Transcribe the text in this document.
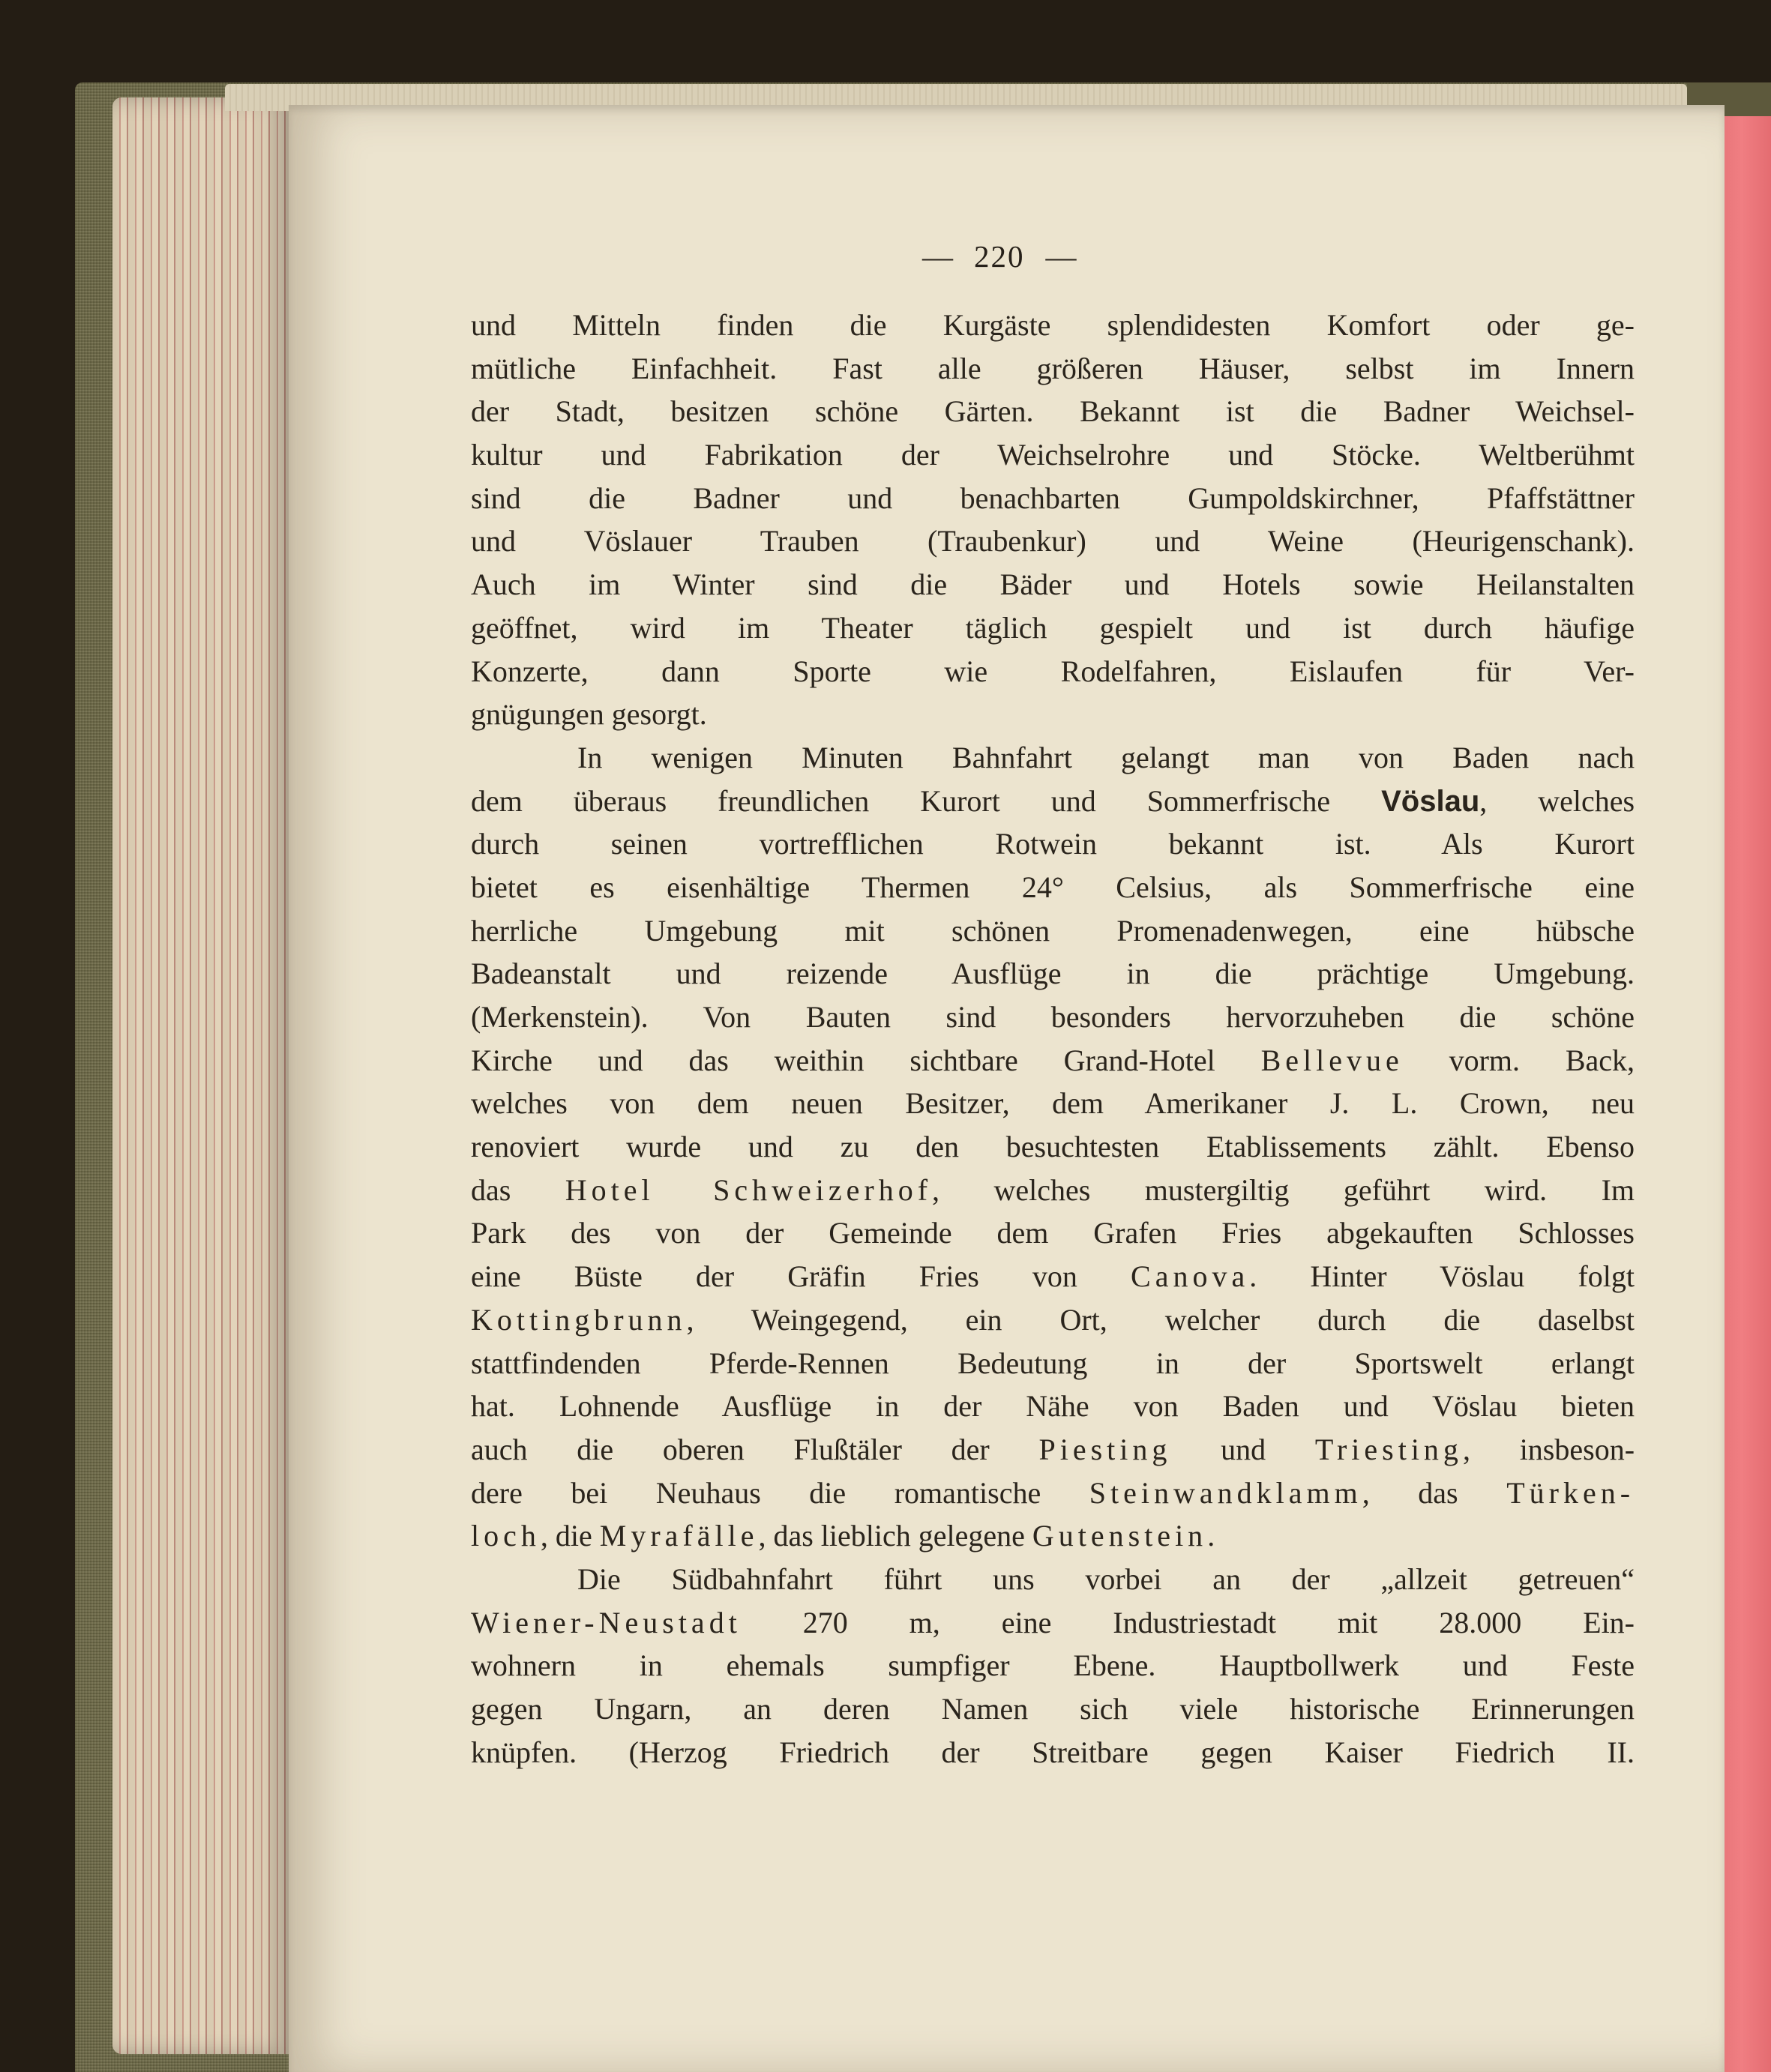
— 220 —
und Mitteln finden die Kurgäste splendidesten Komfort oder ge-
mütliche Einfachheit. Fast alle größeren Häuser, selbst im Innern
der Stadt, besitzen schöne Gärten. Bekannt ist die Badner Weichsel-
kultur und Fabrikation der Weichselrohre und Stöcke. Weltberühmt
sind die Badner und benachbarten Gumpoldskirchner, Pfaffstättner
und Vöslauer Trauben (Traubenkur) und Weine (Heurigenschank).
Auch im Winter sind die Bäder und Hotels sowie Heilanstalten
geöffnet, wird im Theater täglich gespielt und ist durch häufige
Konzerte, dann Sporte wie Rodelfahren, Eislaufen für Ver-
gnügungen gesorgt.
In wenigen Minuten Bahnfahrt gelangt man von Baden nach
dem überaus freundlichen Kurort und Sommerfrische Vöslau, welches
durch seinen vortrefflichen Rotwein bekannt ist. Als Kurort
bietet es eisenhältige Thermen 24° Celsius, als Sommerfrische eine
herrliche Umgebung mit schönen Promenadenwegen, eine hübsche
Badeanstalt und reizende Ausflüge in die prächtige Umgebung.
(Merkenstein). Von Bauten sind besonders hervorzuheben die schöne
Kirche und das weithin sichtbare Grand-Hotel Bellevue vorm. Back,
welches von dem neuen Besitzer, dem Amerikaner J. L. Crown, neu
renoviert wurde und zu den besuchtesten Etablissements zählt. Ebenso
das Hotel Schweizerhof, welches mustergiltig geführt wird. Im
Park des von der Gemeinde dem Grafen Fries abgekauften Schlosses
eine Büste der Gräfin Fries von Canova. Hinter Vöslau folgt
Kottingbrunn, Weingegend, ein Ort, welcher durch die daselbst
stattfindenden Pferde-Rennen Bedeutung in der Sportswelt erlangt
hat. Lohnende Ausflüge in der Nähe von Baden und Vöslau bieten
auch die oberen Flußtäler der Piesting und Triesting, insbeson-
dere bei Neuhaus die romantische Steinwandklamm, das Türken-
loch, die Myrafälle, das lieblich gelegene Gutenstein.
Die Südbahnfahrt führt uns vorbei an der „allzeit getreuen“
Wiener-Neustadt 270 m, eine Industriestadt mit 28.000 Ein-
wohnern in ehemals sumpfiger Ebene. Hauptbollwerk und Feste
gegen Ungarn, an deren Namen sich viele historische Erinnerungen
knüpfen. (Herzog Friedrich der Streitbare gegen Kaiser Fiedrich II.
